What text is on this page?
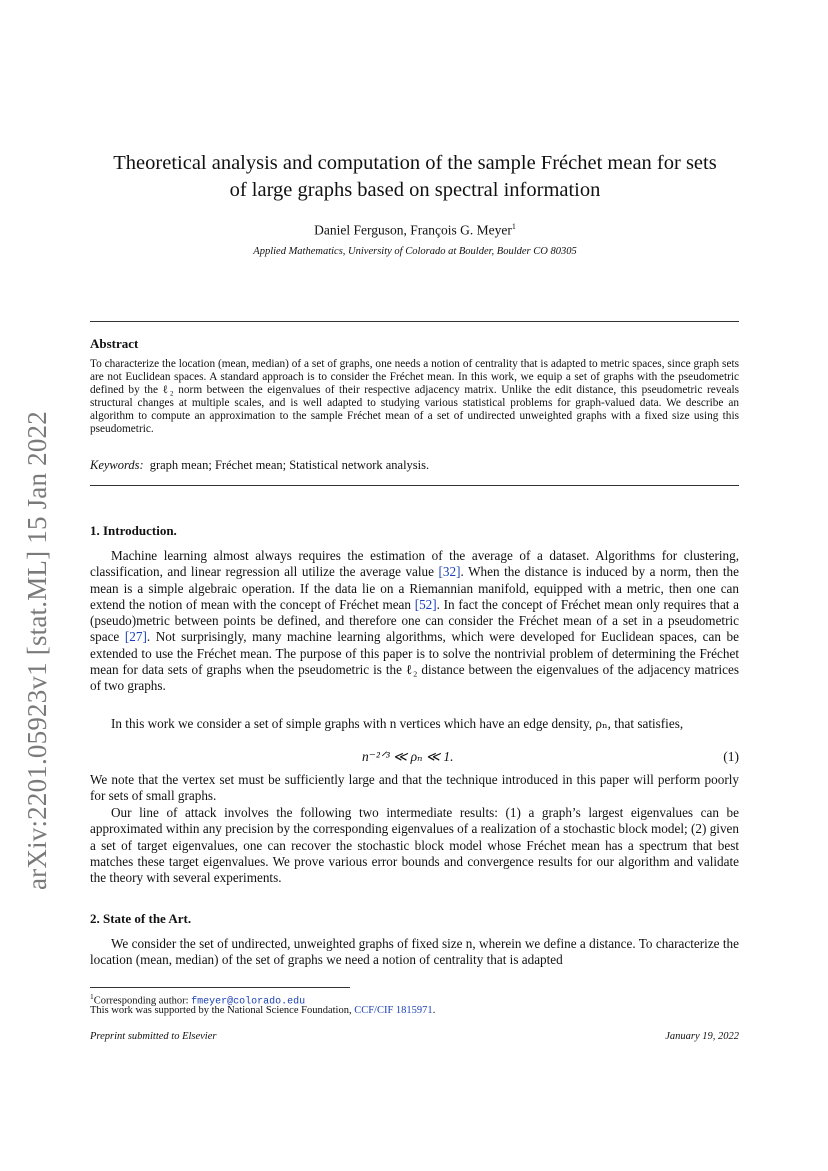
arXiv:2201.05923v1 [stat.ML] 15 Jan 2022
Theoretical analysis and computation of the sample Fréchet mean for sets
of large graphs based on spectral information
Daniel Ferguson, François G. Meyer$^1$
Applied Mathematics, University of Colorado at Boulder, Boulder CO 80305
Abstract
To characterize the location (mean, median) of a set of graphs, one needs a notion of centrality that is adapted to metric spaces, since graph sets are not Euclidean spaces. A standard approach is to consider the Fréchet mean. In this work, we equip a set of graphs with the pseudometric defined by the ℓ₂ norm between the eigenvalues of their respective adjacency matrix. Unlike the edit distance, this pseudometric reveals structural changes at multiple scales, and is well adapted to studying various statistical problems for graph-valued data. We describe an algorithm to compute an approximation to the sample Fréchet mean of a set of undirected unweighted graphs with a fixed size using this pseudometric.
Keywords: graph mean; Fréchet mean; Statistical network analysis.
1. Introduction.
Machine learning almost always requires the estimation of the average of a dataset. Algorithms for clustering, classification, and linear regression all utilize the average value [32]. When the distance is induced by a norm, then the mean is a simple algebraic operation. If the data lie on a Riemannian manifold, equipped with a metric, then one can extend the notion of mean with the concept of Fréchet mean [52]. In fact the concept of Fréchet mean only requires that a (pseudo)metric between points be defined, and therefore one can consider the Fréchet mean of a set in a pseudometric space [27]. Not surprisingly, many machine learning algorithms, which were developed for Euclidean spaces, can be extended to use the Fréchet mean. The purpose of this paper is to solve the nontrivial problem of determining the Fréchet mean for data sets of graphs when the pseudometric is the ℓ₂ distance between the eigenvalues of the adjacency matrices of two graphs.
In this work we consider a set of simple graphs with n vertices which have an edge density, ρₙ, that satisfies,
n⁻²ᐟ³ ≪ ρₙ ≪ 1.	(1)
We note that the vertex set must be sufficiently large and that the technique introduced in this paper will perform poorly for sets of small graphs.
Our line of attack involves the following two intermediate results: (1) a graph’s largest eigenvalues can be approximated within any precision by the corresponding eigenvalues of a realization of a stochastic block model; (2) given a set of target eigenvalues, one can recover the stochastic block model whose Fréchet mean has a spectrum that best matches these target eigenvalues. We prove various error bounds and convergence results for our algorithm and validate the theory with several experiments.
2. State of the Art.
We consider the set of undirected, unweighted graphs of fixed size n, wherein we define a distance. To characterize the location (mean, median) of the set of graphs we need a notion of centrality that is adapted
$^1$Corresponding author: fmeyer@colorado.edu
This work was supported by the National Science Foundation, CCF/CIF 1815971.
Preprint submitted to Elsevier	January 19, 2022
